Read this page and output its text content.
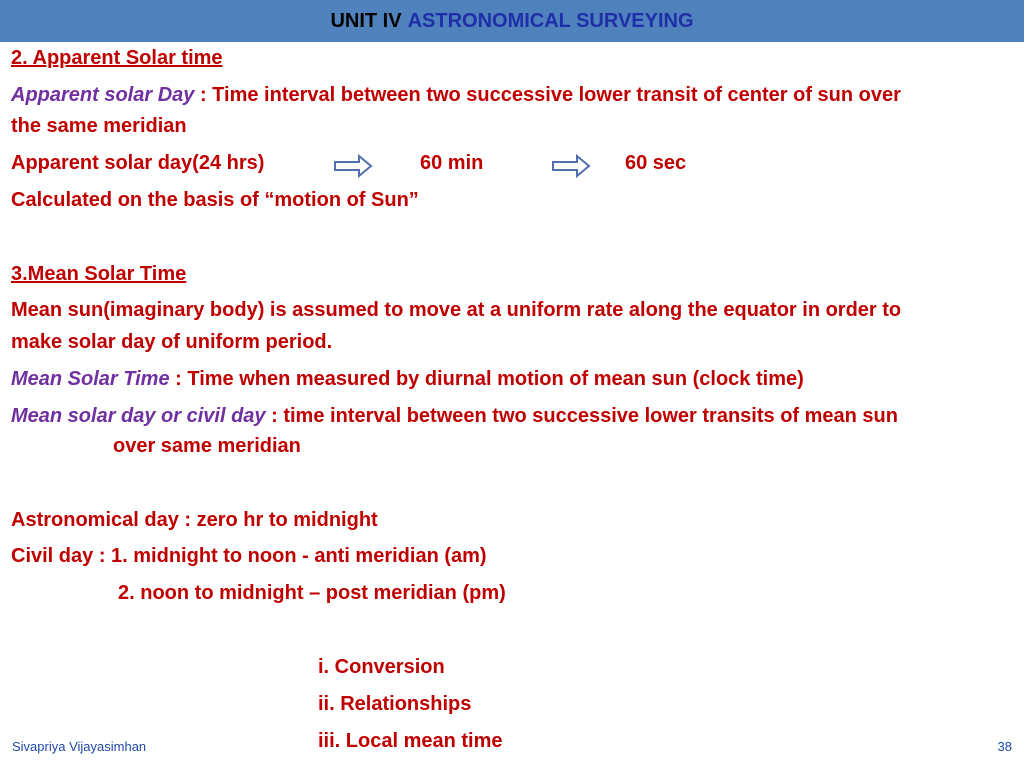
UNIT IV ASTRONOMICAL SURVEYING
2. Apparent Solar time
Apparent solar Day : Time interval between two successive lower transit of center of sun over
the same meridian
Apparent solar day(24 hrs)	60 min	60 sec
Calculated on the basis of “motion of Sun”
3.Mean Solar Time
Mean sun(imaginary body) is assumed to move at a uniform rate along the equator in order to
make solar day of uniform period.
Mean Solar Time : Time when measured by diurnal motion of mean sun (clock time)
Mean solar day or civil day : time interval between two successive lower transits of mean sun
over same meridian
Astronomical day : zero hr to midnight
Civil day : 1. midnight to noon - anti meridian (am)
2. noon to midnight – post meridian (pm)
i. Conversion
ii. Relationships
iii. Local mean time
Sivapriya Vijayasimhan	38
